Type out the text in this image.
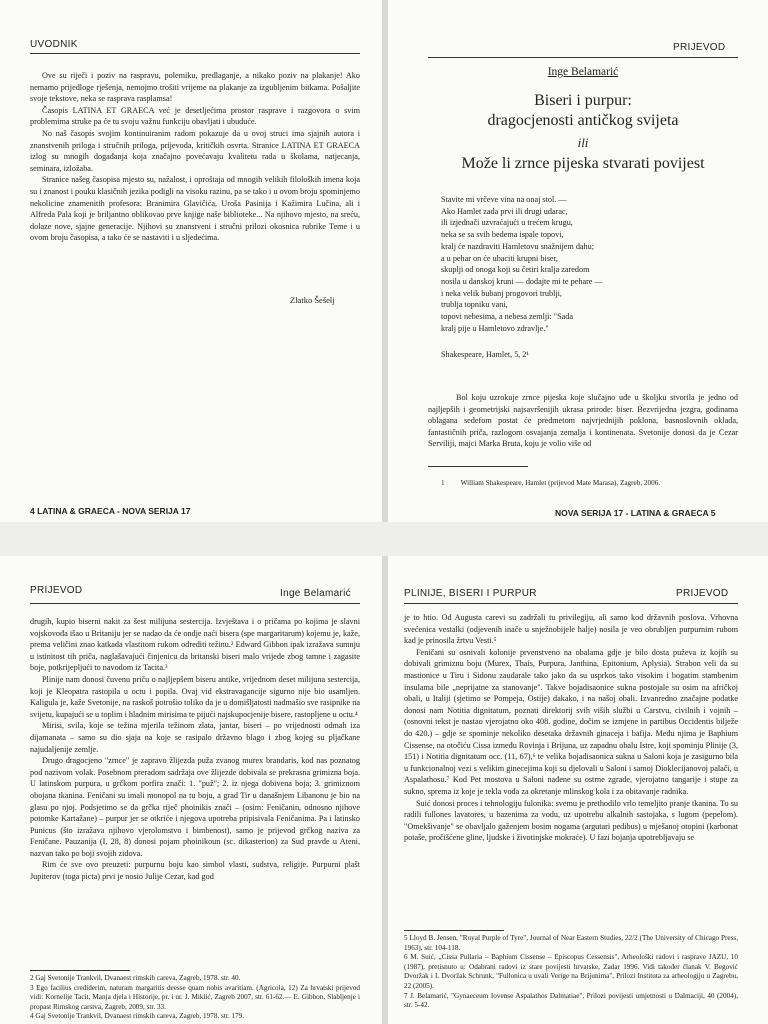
UVODNIK

Ove su riječi i poziv na raspravu, polemiku, predlaganje, a nikako poziv na plakanje! Ako nemamo prijedloge rješenja, nemojmo trošiti vrijeme na plakanje za izgubljenim bitkama. Pošaljite svoje tekstove, neka se rasprava rasplamsa!

Časopis LATINA ET GRAECA već je desetljećima prostor rasprave i razgovora o svim problemima struke pa će tu svoju važnu funkciju obavljati i ubuduće.

No naš časopis svojim kontinuiranim radom pokazuje da u ovoj struci ima sjajnih autora i znanstvenih priloga i stručnih priloga, prijevoda, kritičkih osvrta. Stranice LATINA ET GRAECA izlog su mnogih događanja koja značajno povećavaju kvalitetu rada u školama, natjecanja, seminara, izložaba.

Stranice našeg časopisa mjesto su, nažalost, i oproštaja od mnogih velikih filoloških imena koja su i znanost i pouku klasičnih jezika podigli na visoku razinu, pa se tako i u ovom broju spominjemo nekolicine znamenitih profesora: Branimira Glavičića, Uroša Pasinija i Kažimira Lučina, ali i Alfreda Pala koji je briljantno oblikovao prve knjige naše biblioteke... Na njihovo mjesto, na sreću, dolaze nove, sjajne generacije. Njihovi su znanstveni i stručni prilozi okosnica rubrike Teme i u ovom broju časopisa, a tako će se nastaviti i u sljedećima.

Zlatko Šešelj
4 LATINA & GRAECA - NOVA SERIJA 17
PRIJEVOD
Inge Belamarić
Biseri i purpur:
dragocjenosti antičkog svijeta
ili
Može li zrnce pijeska stvarati povijest

Stavite mi vrčeve vina na onaj stol. —

Ako Hamlet zada prvi ili drugi udarac,

ili izjednači uzvraćajući u trećem krugu,

neka se sa svih bedema ispale topovi,

kralj će nazdraviti Hamletovu snažnijem dahu;

a u pehar on će ubaciti krupni biser,

skuplji od onoga koji su četiri kralja zaredom

nosila u danskoj kruni — dodajte mi te pehare —

i neka velik bubanj progovori trublji,

trublja topniku vani,

topovi nebesima, a nebesa zemlji: "Sada

kralj pije u Hamletovo zdravlje."

Shakespeare, Hamlet, 5, 2¹

Bol koju uzrokuje zrnce pijeska koje slučajno uđe u školjku stvorila je jedno od najljepših i geometrijski najsavršenijih ukrasa prirode: biser. Bezvrijedna jezgra, godinama oblagana sedefom postat će predmetom najvrjednijih poklona, basnoslovnih oklada, fantastičnih priča, razlogom osvajanja zemalja i kontinenata. Svetonije donosi da je Cezar Serviliji, majci Marka Bruta, koju je volio više od

1 William Shakespeare, Hamlet (prijevod Mate Marasa), Zagreb, 2006.
NOVA SERIJA 17 - LATINA & GRAECA 5
PRIJEVOD	Inge Belamarić

drugih, kupio biserni nakit za šest milijuna sestercija. Izvještava i o pričama po kojima je slavni vojskovođa išao u Britaniju jer se nadao da će ondje naći bisera (spe margaritarum) kojemu je, kaže, prema veličini znao katkada vlastitom rukom odrediti težinu.² Edward Gibbon ipak izražava sumnju u istinitost tih priča, naglašavajući činjenicu da britanski biseri malo vrijede zbog tamne i zagasite boje, potkrijepljući to navodom iz Tacita.³

Plinije nam donosi čuvenu priču o najljepšem biseru antike, vrijednom deset milijuna sestercija, koji je Kleopatra rastopila u octu i popila. Ovaj vid ekstravagancije sigurno nije bio usamljen. Kaligula je, kaže Svetonije, na raskoš potrošio toliko da je u domišljatosti nadmašio sve rasipnike na svijetu, kupajući se u toplim i hladnim mirisima te pijući najskupocjenije bisere, rastopljene u octu.⁴

Mirisi, svila, koje se težina mjerila težinom zlata, jantar, biseri – po vrijednosti odmah iza dijamanata – samo su dio sjaja na koje se rasipalo državno blago i zbog kojeg su pljačkane najudaljenije zemlje.

Drugo dragocjeno "zrnce" je zapravo žlijezda puža zvanog murex brandaris, kod nas poznatog pod nazivom volak. Posebnom preradom sadržaja ove žlijezde dobivala se prekrasna grimizna boja. U latinskom purpura, u grčkom porfira znači: 1. "puž"; 2. iz njega dobivena boja; 3. grimiznom obojana tkanina. Feničani su imali monopol na tu boju, a grad Tir u današnjem Libanonu je bio na glasu po njoj. Podsjetimo se da grčka riječ phoinikis znači – (osim: Feničanin, odnosno njihove potomke Kartažane) – purpur jer se otkriće i njegova upotreba pripisivala Feničanima. Pa i latinsko Punicus (što izražava njihovo vjerolomstvo i bimbenost), samo je prijevod grčkog naziva za Feničane. Pauzanija (I, 28, 8) donosi pojam phoinikoun (sc. dikasterion) za Sud pravde u Ateni, nazvan tako po boji svojih zidova.

Rim će sve ovo preuzeti: purpurnu boju kao simbol vlasti, sudstva, religije. Purpurni plašt Jupiterov (toga picta) prvi je nosio Julije Cezar, kad god

2 Gaj Svetonije Trankvil, Dvanaest rimskih careva, Zagreb, 1978. str. 40.

3 Ego facilius crediderim, naturam margaritis deesse quam nobis avaritiam. (Agricola, 12) Za hrvatski prijevod vidi: Kornelije Tacit, Manja djela i Historije, pr. i ur. J. Miklić, Zagreb 2007, str. 61-62.— E. Gibbon, Slabljenje i propast Rimskog carstva, Zagreb, 2009, str. 33.

4 Gaj Svetonije Trankvil, Dvanaest rimskih careva, Zagreb, 1978. str. 179.

PLINIJE, BISERI I PURPUR	PRIJEVOD

je to htio. Od Augusta carevi su zadržali tu privilegiju, ali samo kod državnih poslova. Vrhovna svećenica vestalki (odjevenih inače u snježnobijele halje) nosila je veo obrubljen purpurnim rubom kad je prinosila žrtvu Vesti.⁵

Feničani su osnivali kolonije prvenstveno na obalama gdje je bilo dosta puževa iz kojih su dobivali grimiznu boju (Murex, Thais, Purpura, Janthina, Epitonium, Aplysia). Strabon veli da su mastionice u Tiru i Sidonu zaudarale tako jako da su usprkos tako visokim i bogatim stambenim insulama bile „neprijatne za stanovanje". Takve bojadisaonice sukna postojale su osim na afričkoj obali, u Italiji (sjetimo se Pompeja, Ostije) dakako, i na našoj obali. Izvanredno značajne podatke donosi nam Notitia dignitatum, poznati direktorij svih viših službi u Carstvu, civilnih i vojnih – (osnovni tekst je nastao vjerojatno oko 408. godine, dočim se izmjene in partibus Occidentis bilježe do 420.) – gdje se spominje nekoliko desetaka državnih ginaceja i bafija. Među njima je Baphium Cissense, na otočiću Cissa između Rovinja i Brijuna, uz zapadnu obalu Istre, koji spominju Plinije (3, 151) i Notitia dignitatum occ. (11, 67),⁶ te velika bojadisaonica sukna u Saloni koja je zasigurno bila u funkcionalnoj vezi s velikim ginecejima koji su djelovali u Saloni i samoj Dioklecijanovoj palači, u Aspalathosu.⁷ Kod Pet mostova u Saloni nađene su ostrne zgrade, vjerojatno tangarije i stupe za sukno, sprema iz koje je tekla voda za okretanje mlinskog kola i za obitavanje radnika.

Suić donosi proces i tehnologiju fulonika: svemu je prethodilo vrlo temeljito pranje tkanina. To su radili fullones lavatores, u bazenima za vodu, uz upotrebu alkalnih sastojaka, s lugom (pepelom). "Omekšivanje" se obavljalo gaženjem bosim nogama (argutari pedibus) u mješanoj otopini (karbonat potaše, pročišćene gline, ljudske i životinjske mokraće). U fazi bojanja upotrebljavaju se

5 Lloyd B. Jensen, "Royal Purple of Tyre", Journal of Near Eastern Studies, 22/2 (The University of Chicago Press, 1963), str. 104-118.

6 M. Suić, „Cissa Pullaria – Baphium Cissense – Episcopus Cessensis", Arheološki radovi i rasprave JAZU, 10 (1987), pretisnuto u: Odabrani radovi iz stare povijesti hrvatske, Zadar 1996. Vidi također članak V. Begović Dvoržak i I. Dvoržak Schrunk, "Fullonica u uvali Verige na Brijunima", Prilozi Instituta za arheologiju u Zagrebu, 22 (2005).

7 J. Belamarić, "Gynaeceum Iovense Aspalathos Dalmatiae", Prilozi povijesti umjetnosti u Dalmaciji, 40 (2004), str. 5-42.
